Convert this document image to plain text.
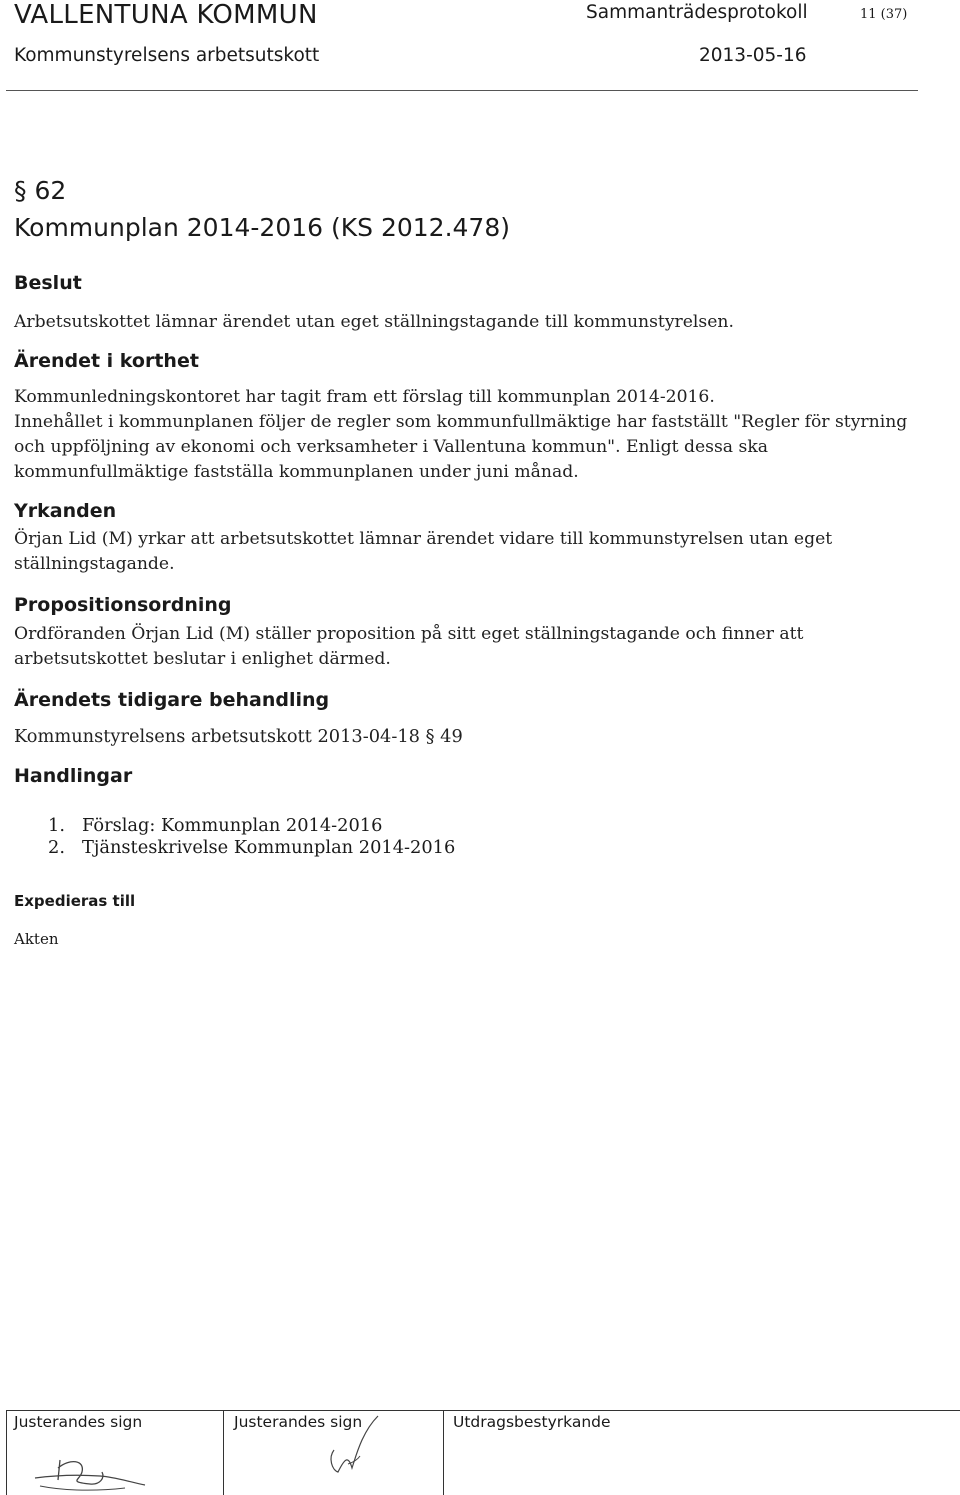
VALLENTUNA KOMMUN	Sammanträdesprotokoll	11 (37)
Kommunstyrelsens arbetsutskott	2013-05-16
§ 62
Kommunplan 2014-2016 (KS 2012.478)
Beslut
Arbetsutskottet lämnar ärendet utan eget ställningstagande till kommunstyrelsen.
Ärendet i korthet
Kommunledningskontoret har tagit fram ett förslag till kommunplan 2014-2016.
Innehållet i kommunplanen följer de regler som kommunfullmäktige har fastställt "Regler för styrning och uppföljning av ekonomi och verksamheter i Vallentuna kommun". Enligt dessa ska kommunfullmäktige fastställa kommunplanen under juni månad.
Yrkanden
Örjan Lid (M) yrkar att arbetsutskottet lämnar ärendet vidare till kommunstyrelsen utan eget ställningstagande.
Propositionsordning
Ordföranden Örjan Lid (M) ställer proposition på sitt eget ställningstagande och finner att arbetsutskottet beslutar i enlighet därmed.
Ärendets tidigare behandling
Kommunstyrelsens arbetsutskott 2013-04-18 § 49
Handlingar
1. Förslag: Kommunplan 2014-2016
2. Tjänsteskrivelse Kommunplan 2014-2016
Expedieras till
Akten
Justerandes sign	Justerandes sign	Utdragsbestyrkande
